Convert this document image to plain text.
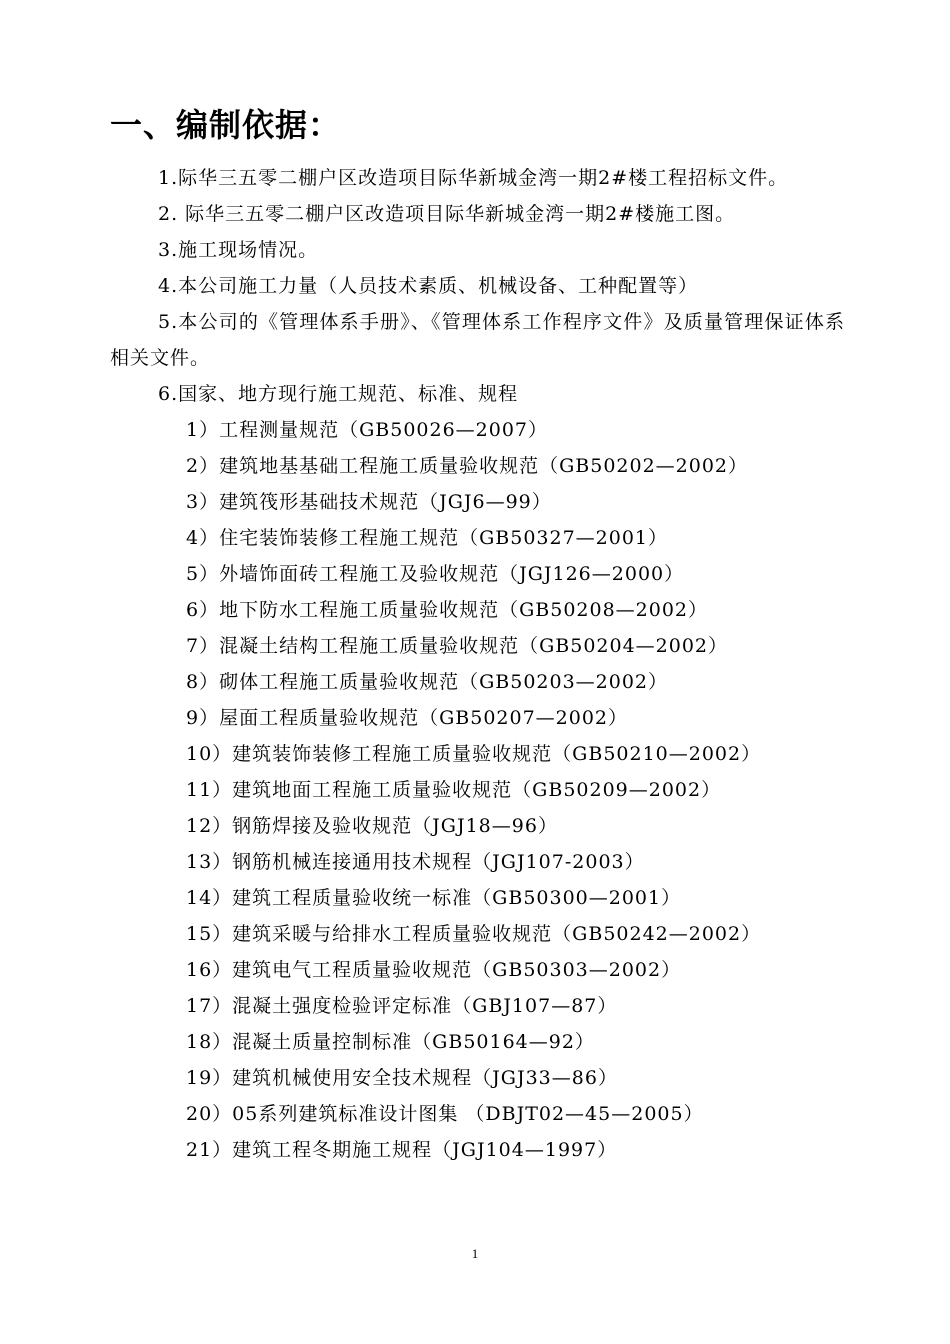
一、编制依据：

1.际华三五零二棚户区改造项目际华新城金湾一期2#楼工程招标文件。

2. 际华三五零二棚户区改造项目际华新城金湾一期2#楼施工图。

3.施工现场情况。

4.本公司施工力量（人员技术素质、机械设备、工种配置等）

5.本公司的《管理体系手册》、《管理体系工作程序文件》及质量管理保证体系相关文件。

6.国家、地方现行施工规范、标准、规程

1）工程测量规范（GB50026—2007）
2）建筑地基基础工程施工质量验收规范（GB50202—2002）
3）建筑筏形基础技术规范（JGJ6—99）
4）住宅装饰装修工程施工规范（GB50327—2001）
5）外墙饰面砖工程施工及验收规范（JGJ126—2000）
6）地下防水工程施工质量验收规范（GB50208—2002）
7）混凝土结构工程施工质量验收规范（GB50204—2002）
8）砌体工程施工质量验收规范（GB50203—2002）
9）屋面工程质量验收规范（GB50207—2002）
10）建筑装饰装修工程施工质量验收规范（GB50210—2002）
11）建筑地面工程施工质量验收规范（GB50209—2002）
12）钢筋焊接及验收规范（JGJ18—96）
13）钢筋机械连接通用技术规程（JGJ107-2003）
14）建筑工程质量验收统一标准（GB50300—2001）
15）建筑采暖与给排水工程质量验收规范（GB50242—2002）
16）建筑电气工程质量验收规范（GB50303—2002）
17）混凝土强度检验评定标准（GBJ107—87）
18）混凝土质量控制标准（GB50164—92）
19）建筑机械使用安全技术规程（JGJ33—86）
20）05系列建筑标准设计图集 （DBJT02—45—2005）
21）建筑工程冬期施工规程（JGJ104—1997）
1
